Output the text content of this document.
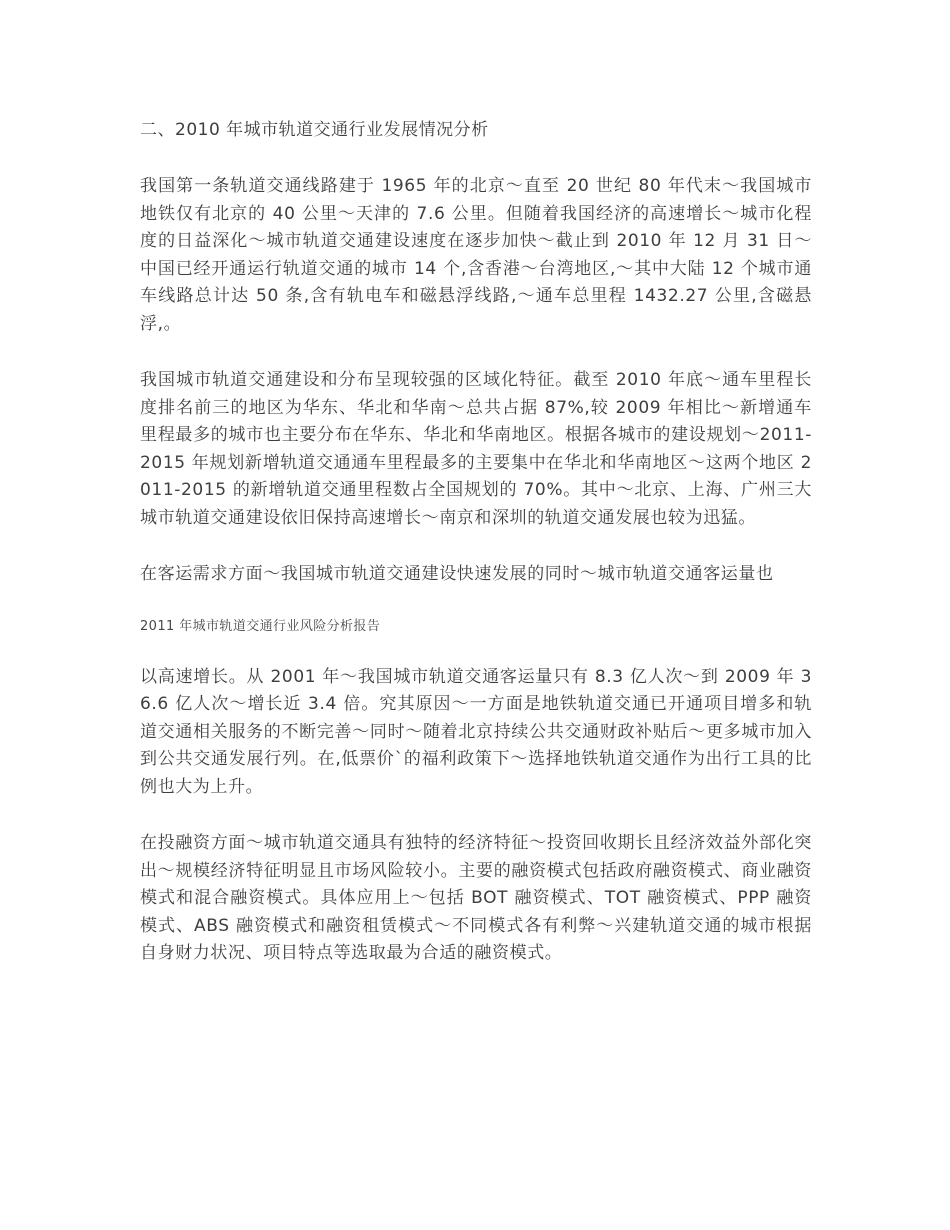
二、2010 年城市轨道交通行业发展情况分析

我国第一条轨道交通线路建于 1965 年的北京～直至 20 世纪 80 年代末～我国城市地铁仅有北京的 40 公里～天津的 7.6 公里。但随着我国经济的高速增长～城市化程度的日益深化～城市轨道交通建设速度在逐步加快～截止到 2010 年 12 月 31 日～中国已经开通运行轨道交通的城市 14 个,含香港～台湾地区,～其中大陆 12 个城市通车线路总计达 50 条,含有轨电车和磁悬浮线路,～通车总里程 1432.27 公里,含磁悬浮,。

我国城市轨道交通建设和分布呈现较强的区域化特征。截至 2010 年底～通车里程长度排名前三的地区为华东、华北和华南～总共占据 87%,较 2009 年相比～新增通车里程最多的城市也主要分布在华东、华北和华南地区。根据各城市的建设规划～2011-2015 年规划新增轨道交通通车里程最多的主要集中在华北和华南地区～这两个地区 2011-2015 的新增轨道交通里程数占全国规划的 70%。其中～北京、上海、广州三大城市轨道交通建设依旧保持高速增长～南京和深圳的轨道交通发展也较为迅猛。

在客运需求方面～我国城市轨道交通建设快速发展的同时～城市轨道交通客运量也

2011 年城市轨道交通行业风险分析报告

以高速增长。从 2001 年～我国城市轨道交通客运量只有 8.3 亿人次～到 2009 年 36.6 亿人次～增长近 3.4 倍。究其原因～一方面是地铁轨道交通已开通项目增多和轨道交通相关服务的不断完善～同时～随着北京持续公共交通财政补贴后～更多城市加入到公共交通发展行列。在‚低票价`的福利政策下～选择地铁轨道交通作为出行工具的比例也大为上升。

在投融资方面～城市轨道交通具有独特的经济特征～投资回收期长且经济效益外部化突出～规模经济特征明显且市场风险较小。主要的融资模式包括政府融资模式、商业融资模式和混合融资模式。具体应用上～包括 BOT 融资模式、TOT 融资模式、PPP 融资模式、ABS 融资模式和融资租赁模式～不同模式各有利弊～兴建轨道交通的城市根据自身财力状况、项目特点等选取最为合适的融资模式。
